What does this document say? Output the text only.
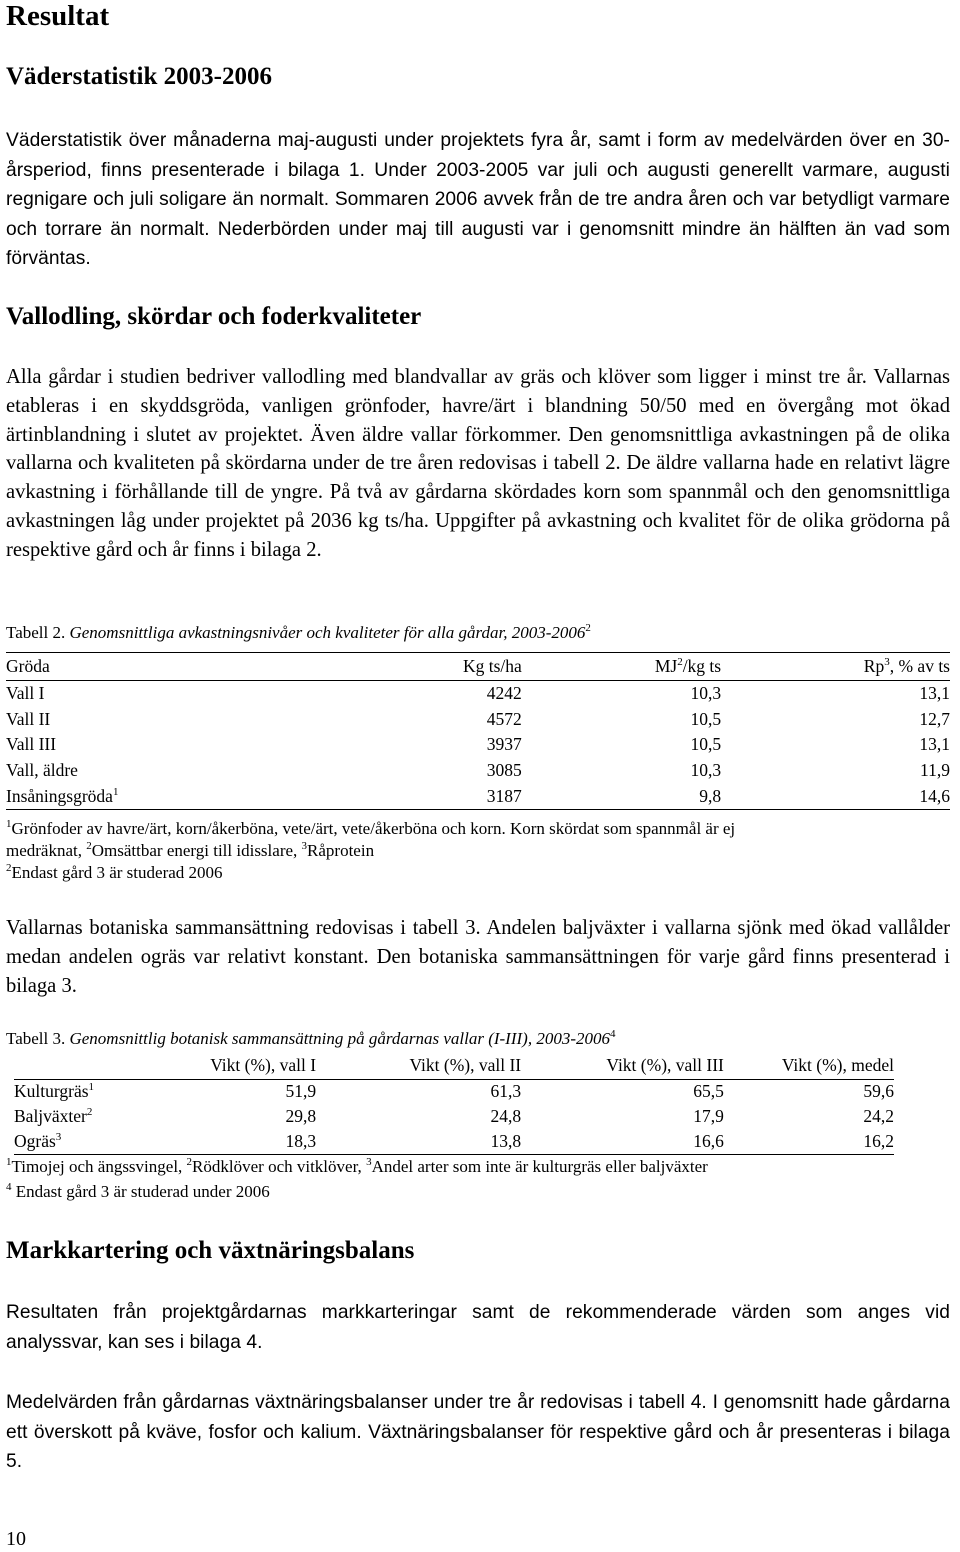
Resultat
Väderstatistik 2003-2006

Väderstatistik över månaderna maj-augusti under projektets fyra år, samt i form av medelvärden över en 30-årsperiod, finns presenterade i bilaga 1. Under 2003-2005 var juli och augusti generellt varmare, augusti regnigare och juli soligare än normalt. Sommaren 2006 avvek från de tre andra åren och var betydligt varmare och torrare än normalt. Nederbörden under maj till augusti var i genomsnitt mindre än hälften än vad som förväntas.

Vallodling, skördar och foderkvaliteter

Alla gårdar i studien bedriver vallodling med blandvallar av gräs och klöver som ligger i minst tre år. Vallarnas etableras i en skyddsgröda, vanligen grönfoder, havre/ärt i blandning 50/50 med en övergång mot ökad ärtinblandning i slutet av projektet. Även äldre vallar förkommer. Den genomsnittliga avkastningen på de olika vallarna och kvaliteten på skördarna under de tre åren redovisas i tabell 2. De äldre vallarna hade en relativt lägre avkastning i förhållande till de yngre. På två av gårdarna skördades korn som spannmål och den genomsnittliga avkastningen låg under projektet på 2036 kg ts/ha. Uppgifter på avkastning och kvalitet för de olika grödorna på respektive gård och år finns i bilaga 2.

Tabell 2. Genomsnittliga avkastningsnivåer och kvaliteter för alla gårdar, 2003-2006$^2$
Gröda	Kg ts/ha	$MJ^2/kg$ ts	Rp$^3$, % av ts
Vall I	4242	10,3	13,1
Vall II	4572	10,5	12,7
Vall III	3937	10,5	13,1
Vall, äldre	3085	10,3	11,9
Insåningsgröda$^1$	3187	9,8	14,6
$^1$Grönfoder av havre/ärt, korn/åkerböna, vete/ärt, vete/åkerböna och korn. Korn skördat som spannmål är ej
medräknat, $^2$Omsättbar energi till idisslare, $^3$Råprotein
$^2$Endast gård 3 är studerad 2006

Vallarnas botaniska sammansättning redovisas i tabell 3. Andelen baljväxter i vallarna sjönk med ökad vallålder medan andelen ogräs var relativt konstant. Den botaniska sammansättningen för varje gård finns presenterad i bilaga 3.

Tabell 3. Genomsnittlig botanisk sammansättning på gårdarnas vallar (I-III), 2003-2006$^4$
	Vikt (%), vall I	Vikt (%), vall II	Vikt (%), vall III	Vikt (%), medel
Kulturgräs$^1$	51,9	61,3	65,5	59,6
Baljväxter$^2$	29,8	24,8	17,9	24,2
Ogräs$^3$	18,3	13,8	16,6	16,2
$^1$Timojej och ängssvingel, $^2$Rödklöver och vitklöver, $^3$Andel arter som inte är kulturgräs eller baljväxter
$^4$ Endast gård 3 är studerad under 2006
Markkartering och växtnäringsbalans

Resultaten från projektgårdarnas markkarteringar samt de rekommenderade värden som anges vid analyssvar, kan ses i bilaga 4.

Medelvärden från gårdarnas växtnäringsbalanser under tre år redovisas i tabell 4. I genomsnitt hade gårdarna ett överskott på kväve, fosfor och kalium. Växtnäringsbalanser för respektive gård och år presenteras i bilaga 5.

10
